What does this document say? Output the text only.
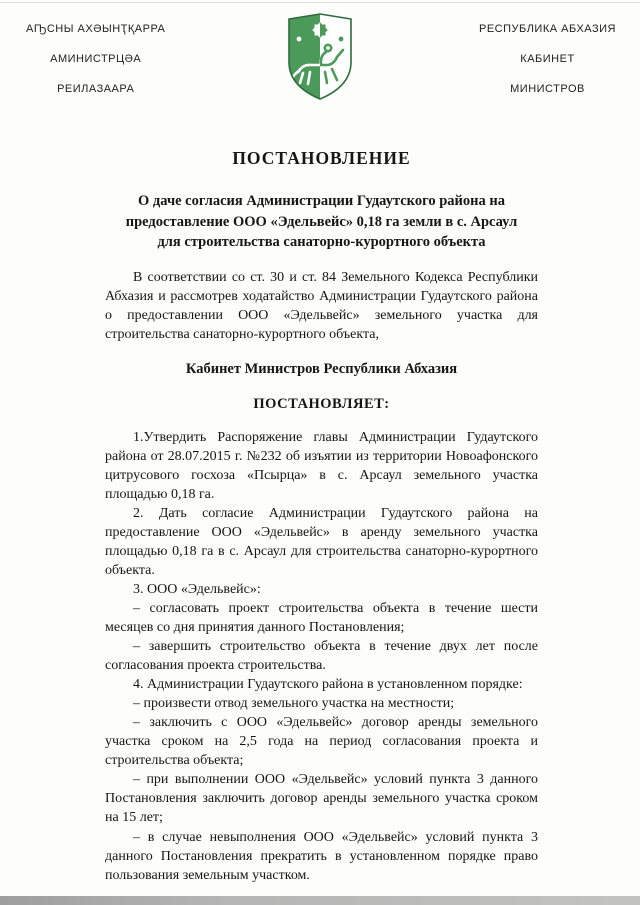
АҦСНЫ АХӘЫНҬҚАРРА
АМИНИСТРЦӘА
РЕИЛАЗААРА
РЕСПУБЛИКА АБХАЗИЯ
КАБИНЕТ
МИНИСТРОВ
ПОСТАНОВЛЕНИЕ
О даче согласия Администрации Гудаутского района на предоставление ООО «Эдельвейс» 0,18 га земли в с. Арсаул для строительства санаторно-курортного объекта

В соответствии со ст. 30 и ст. 84 Земельного Кодекса Республики Абхазия и рассмотрев ходатайство Администрации Гудаутского района о предоставлении ООО «Эдельвейс» земельного участка для строительства санаторно-курортного объекта,

Кабинет Министров Республики Абхазия

ПОСТАНОВЛЯЕТ:

1.Утвердить Распоряжение главы Администрации Гудаутского района от 28.07.2015 г. №232 об изъятии из территории Новоафонского цитрусового госхоза «Псырца» в с. Арсаул земельного участка площадью 0,18 га.

2. Дать согласие Администрации Гудаутского района на предоставление ООО «Эдельвейс» в аренду земельного участка площадью 0,18 га в с. Арсаул для строительства санаторно-курортного объекта.

3. ООО «Эдельвейс»:

– согласовать проект строительства объекта в течение шести месяцев со дня принятия данного Постановления;

– завершить строительство объекта в течение двух лет после согласования проекта строительства.

4. Администрации Гудаутского района в установленном порядке:

– произвести отвод земельного участка на местности;

– заключить с ООО «Эдельвейс» договор аренды земельного участка сроком на 2,5 года на период согласования проекта и строительства объекта;

– при выполнении ООО «Эдельвейс» условий пункта 3 данного Постановления заключить договор аренды земельного участка сроком на 15 лет;

– в случае невыполнения ООО «Эдельвейс» условий пункта 3 данного Постановления прекратить в установленном порядке право пользования земельным участком.
